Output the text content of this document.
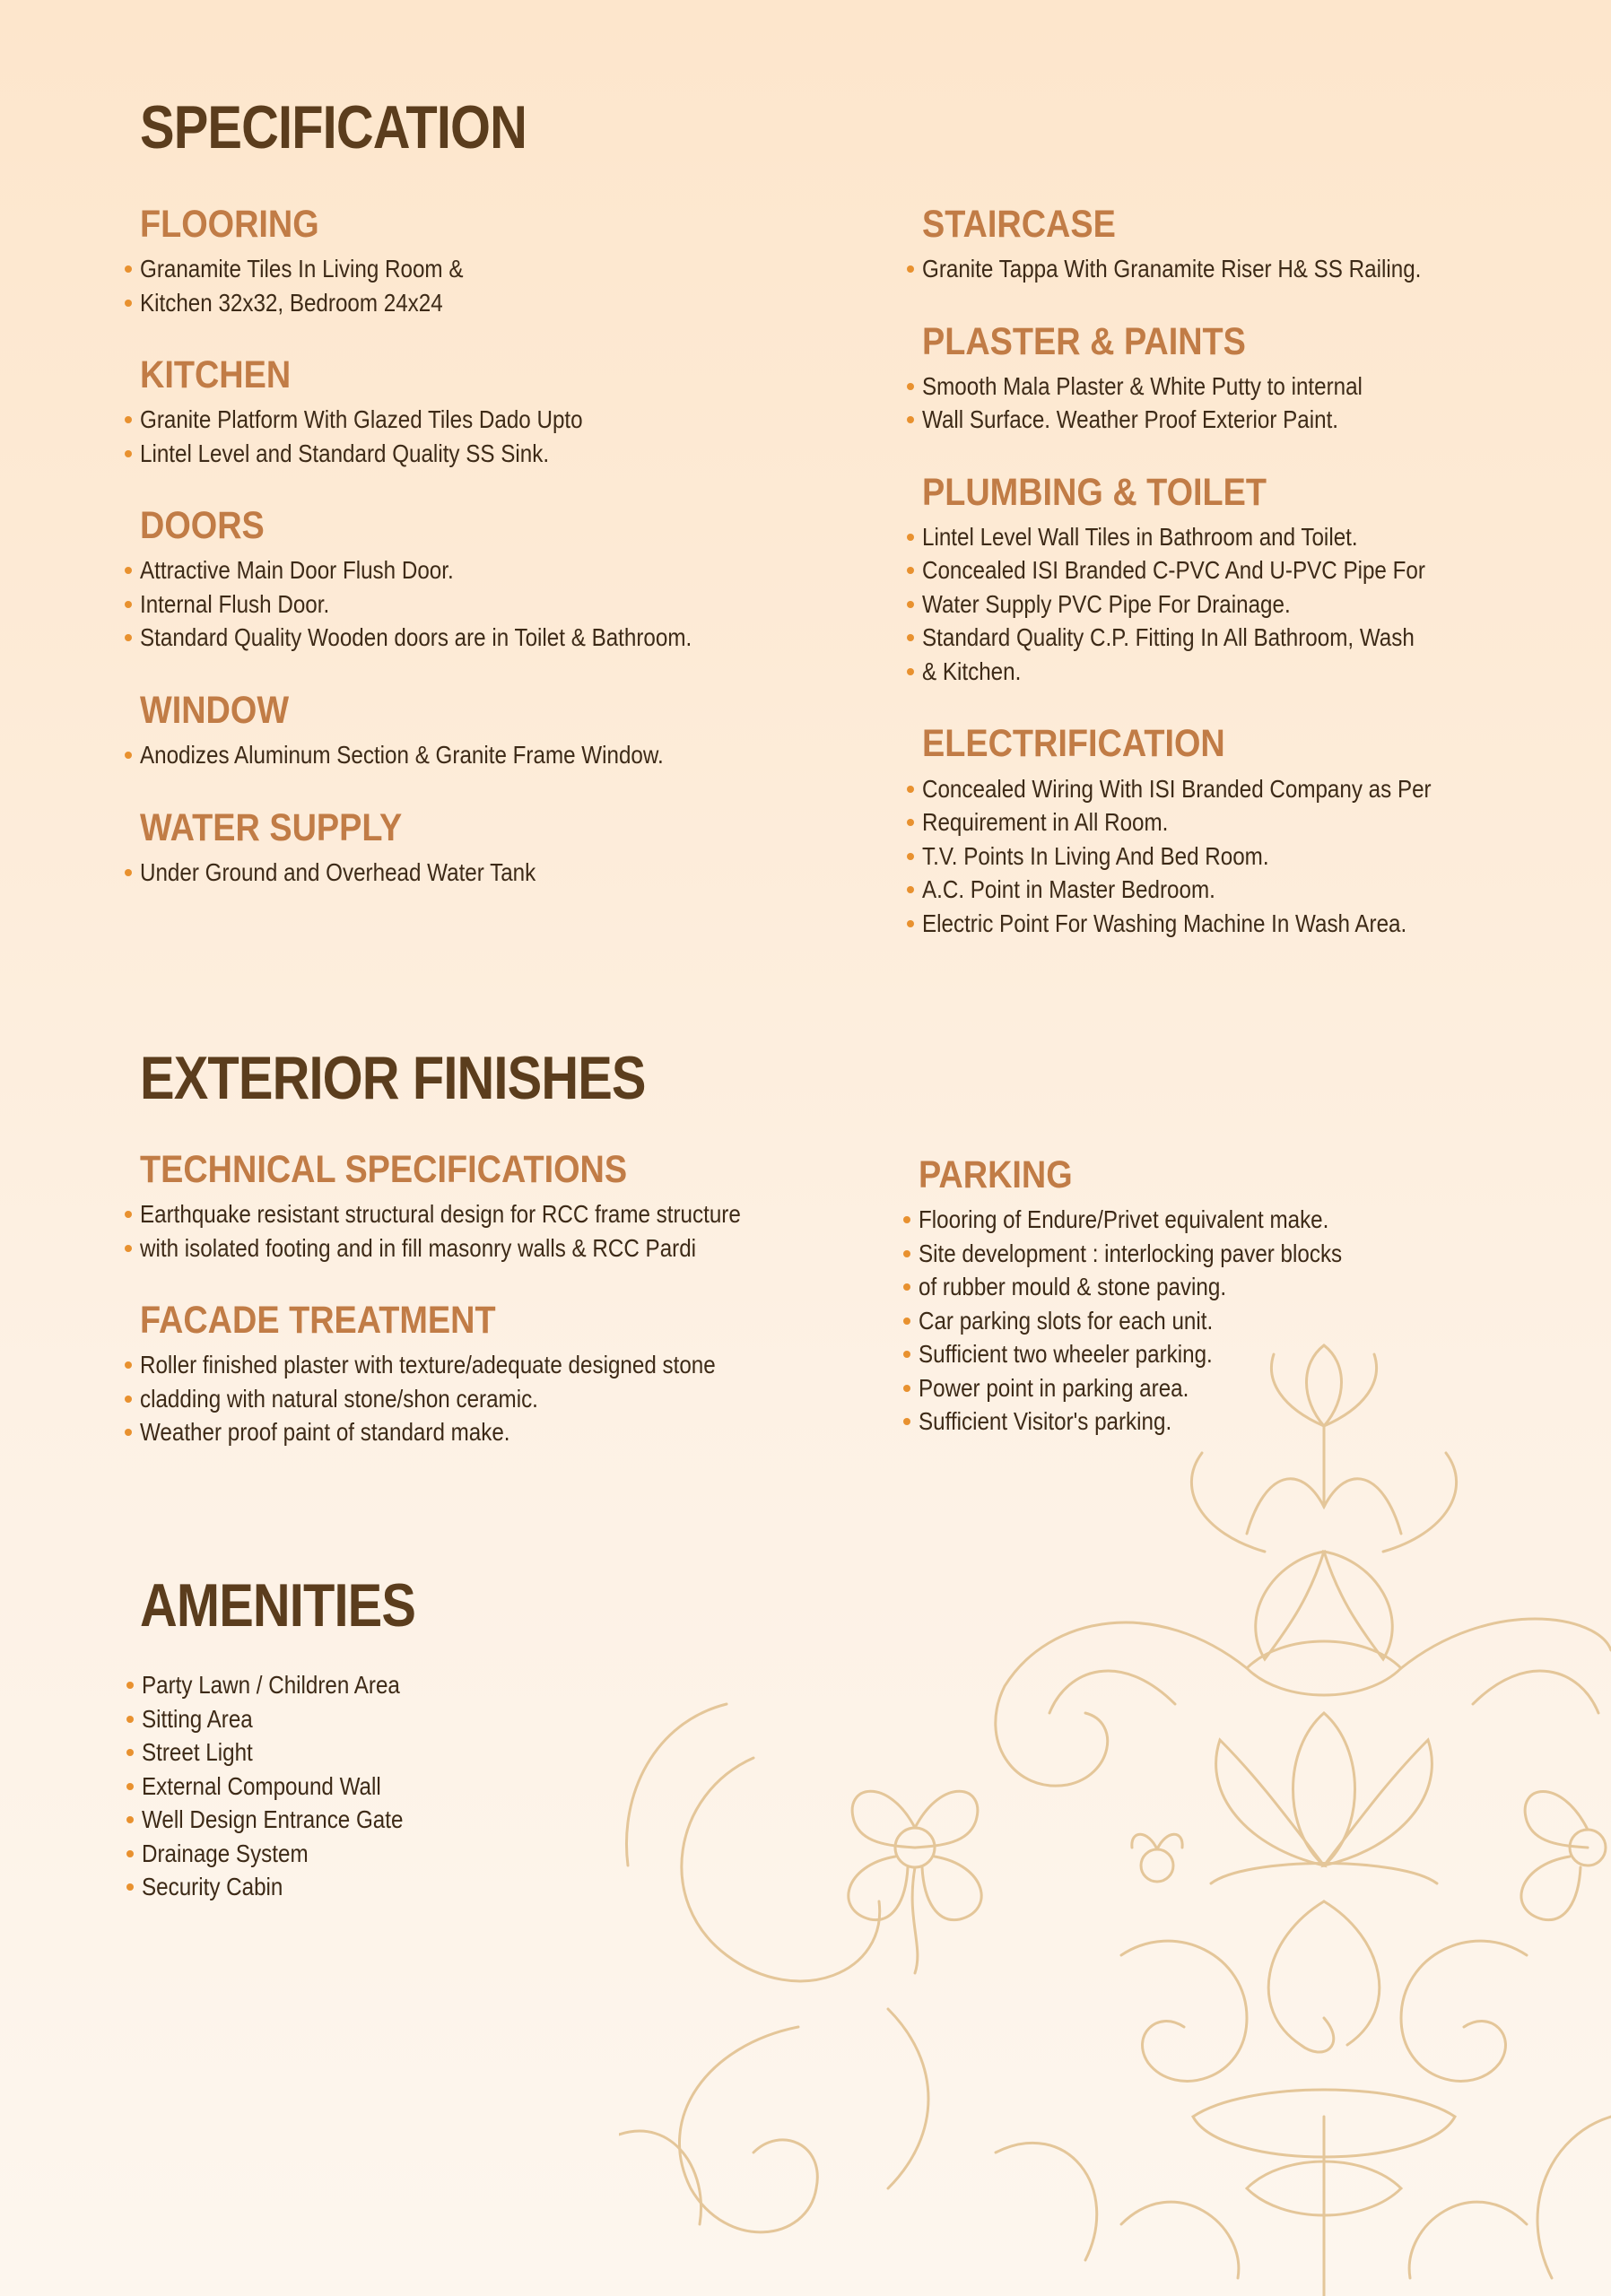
SPECIFICATION
FLOORING
Granamite Tiles In Living Room &
Kitchen 32x32, Bedroom 24x24
KITCHEN
Granite Platform With Glazed Tiles Dado Upto
Lintel Level and Standard Quality SS Sink.
DOORS
Attractive Main Door Flush Door.
Internal Flush Door.
Standard Quality Wooden doors are in Toilet & Bathroom.
WINDOW
Anodizes Aluminum Section & Granite Frame Window.
WATER SUPPLY
Under Ground and Overhead Water Tank
STAIRCASE
Granite Tappa With Granamite Riser H& SS Railing.
PLASTER & PAINTS
Smooth Mala Plaster & White Putty to internal
Wall Surface. Weather Proof Exterior Paint.
PLUMBING & TOILET
Lintel Level Wall Tiles in Bathroom and Toilet.
Concealed ISI Branded C-PVC And U-PVC Pipe For
Water Supply PVC Pipe For Drainage.
Standard Quality C.P. Fitting In All Bathroom, Wash
& Kitchen.
ELECTRIFICATION
Concealed Wiring With ISI Branded Company as Per
Requirement in All Room.
T.V. Points In Living And Bed Room.
A.C. Point in Master Bedroom.
Electric Point For Washing Machine In Wash Area.
EXTERIOR FINISHES
TECHNICAL SPECIFICATIONS
Earthquake resistant structural design for RCC frame structure
with isolated footing and in fill masonry walls & RCC Pardi
FACADE TREATMENT
Roller finished plaster with texture/adequate designed stone
cladding with natural stone/shon ceramic.
Weather proof paint of standard make.
PARKING
Flooring of Endure/Privet equivalent make.
Site development : interlocking paver blocks
of rubber mould & stone paving.
Car parking slots for each unit.
Sufficient two wheeler parking.
Power point in parking area.
Sufficient Visitor's parking.
AMENITIES
Party Lawn / Children Area
Sitting Area
Street Light
External Compound Wall
Well Design Entrance Gate
Drainage System
Security Cabin
